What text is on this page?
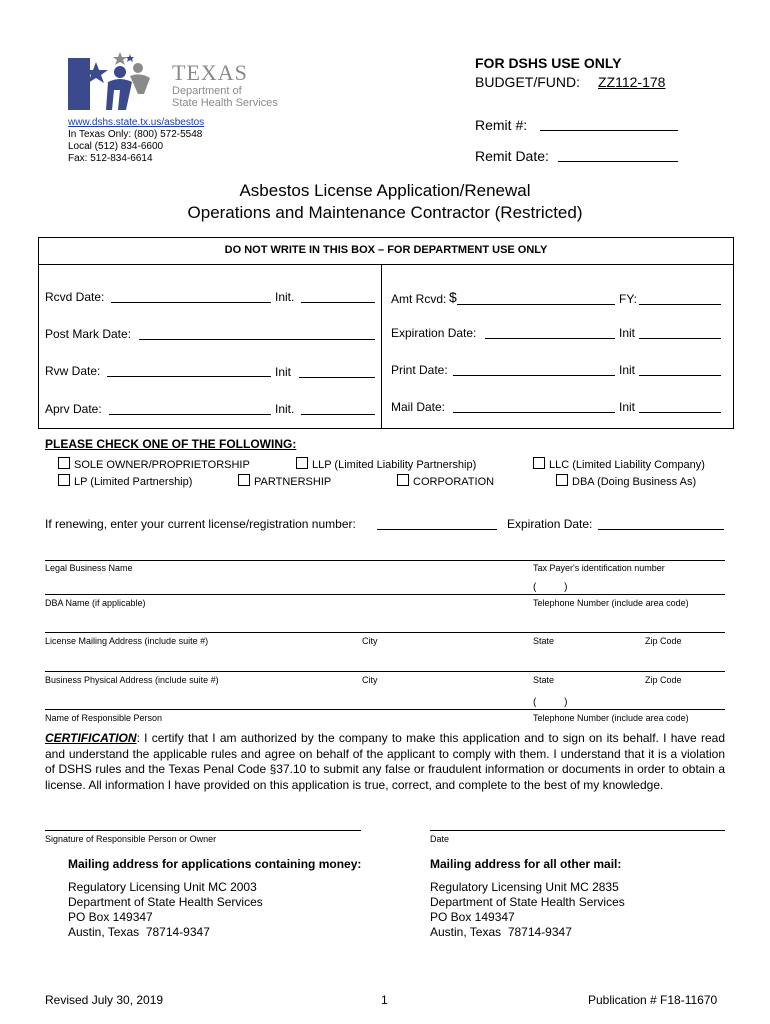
TEXAS
Department of
State Health Services
www.dshs.state.tx.us/asbestos
In Texas Only: (800) 572-5548
Local (512) 834-6600
Fax: 512-834-6614
FOR DSHS USE ONLY
BUDGET/FUND: ZZ112-178
Remit #:
Remit Date:
Asbestos License Application/Renewal
Operations and Maintenance Contractor (Restricted)
DO NOT WRITE IN THIS BOX – FOR DEPARTMENT USE ONLY
Rcvd Date:	Init.
Post Mark Date:
Rvw Date:	Init
Aprv Date:	Init.
Amt Rcvd: $	FY:
Expiration Date:	Init
Print Date:	Init
Mail Date:	Init
PLEASE CHECK ONE OF THE FOLLOWING:
SOLE OWNER/PROPRIETORSHIP	LLP (Limited Liability Partnership)	LLC (Limited Liability Company)
LP (Limited Partnership)	PARTNERSHIP	CORPORATION	DBA (Doing Business As)
If renewing, enter your current license/registration number:	Expiration Date:
Legal Business Name	Tax Payer's identification number
(          )
DBA Name (if applicable)	Telephone Number (include area code)
License Mailing Address (include suite #)	City	State	Zip Code
Business Physical Address (include suite #)	City	State	Zip Code
(          )
Name of Responsible Person	Telephone Number (include area code)
CERTIFICATION: I certify that I am authorized by the company to make this application and to sign on its behalf. I have read and understand the applicable rules and agree on behalf of the applicant to comply with them. I understand that it is a violation of DSHS rules and the Texas Penal Code §37.10 to submit any false or fraudulent information or documents in order to obtain a license. All information I have provided on this application is true, correct, and complete to the best of my knowledge.
Signature of Responsible Person or Owner	Date
Mailing address for applications containing money:
Regulatory Licensing Unit MC 2003
Department of State Health Services
PO Box 149347
Austin, Texas  78714-9347
Mailing address for all other mail:
Regulatory Licensing Unit MC 2835
Department of State Health Services
PO Box 149347
Austin, Texas  78714-9347
Revised July 30, 2019	1	Publication # F18-11670
